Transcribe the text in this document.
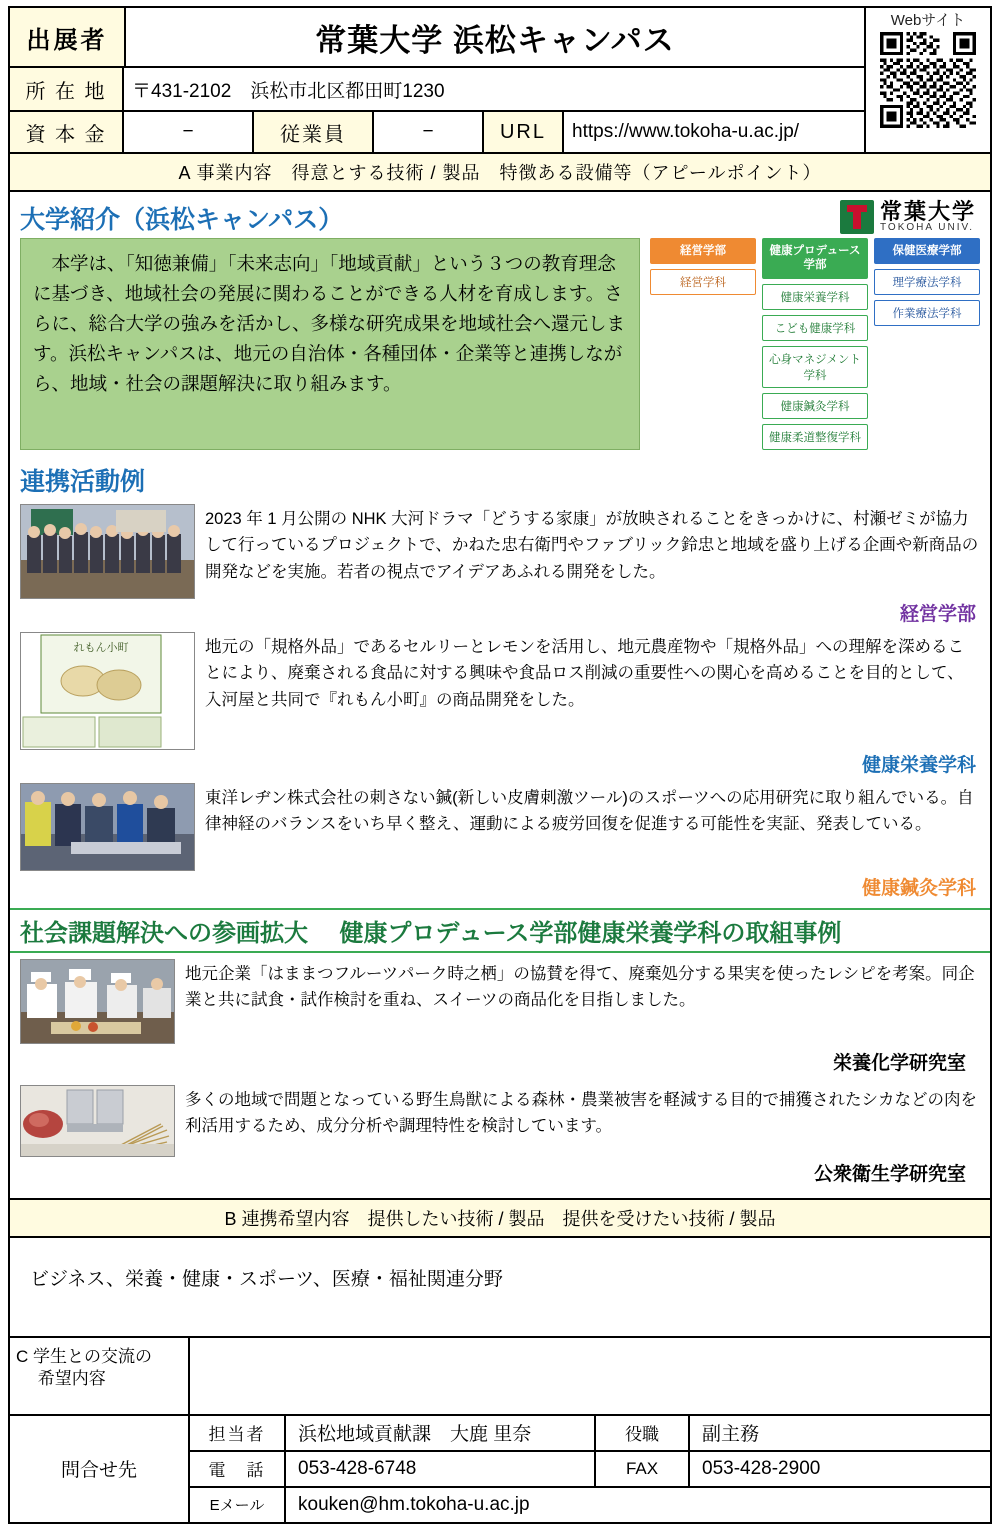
出展者	常葉大学 浜松キャンパス
所 在 地	〒431-2102　浜松市北区都田町1230
資 本 金	−	従業員	−	URL	https://www.tokoha-u.ac.jp/
Webサイト
A 事業内容　得意とする技術 / 製品　特徴ある設備等（アピールポイント）
常葉大学
TOKOHA UNIV.
大学紹介（浜松キャンパス）
　本学は、「知徳兼備」「未来志向」「地域貢献」という３つの教育理念に基づき、地域社会の発展に関わることができる人材を育成します。さらに、総合大学の強みを活かし、多様な研究成果を地域社会へ還元します。浜松キャンパスは、地元の自治体・各種団体・企業等と連携しながら、地域・社会の課題解決に取り組みます。
経営学部
経営学科
健康プロデュース学部
健康栄養学科
こども健康学科
心身マネジメント学科
健康鍼灸学科
健康柔道整復学科
保健医療学部
理学療法学科
作業療法学科
連携活動例
2023 年 1 月公開の NHK 大河ドラマ「どうする家康」が放映されることをきっかけに、村瀬ゼミが協力して行っているプロジェクトで、かねた忠右衛門やファブリック鈴忠と地域を盛り上げる企画や新商品の開発などを実施。若者の視点でアイデアあふれる開発をした。
経営学部
れもん小町	地元の「規格外品」であるセルリーとレモンを活用し、地元農産物や「規格外品」への理解を深めることにより、廃棄される食品に対する興味や食品ロス削減の重要性への関心を高めることを目的として、入河屋と共同で『れもん小町』の商品開発をした。
健康栄養学科
東洋レヂン株式会社の刺さない鍼(新しい皮膚刺激ツール)のスポーツへの応用研究に取り組んでいる。自律神経のバランスをいち早く整え、運動による疲労回復を促進する可能性を実証、発表している。
健康鍼灸学科
社会課題解決への参画拡大 健康プロデュース学部健康栄養学科の取組事例
地元企業「はままつフルーツパーク時之栖」の協賛を得て、廃棄処分する果実を使ったレシピを考案。同企業と共に試食・試作検討を重ね、スイーツの商品化を目指しました。
栄養化学研究室
多くの地域で問題となっている野生鳥獣による森林・農業被害を軽減する目的で捕獲されたシカなどの肉を利活用するため、成分分析や調理特性を検討しています。
公衆衛生学研究室
B 連携希望内容　提供したい技術 / 製品　提供を受けたい技術 / 製品
ビジネス、栄養・健康・スポーツ、医療・福祉関連分野
C 学生との交流の
　 希望内容
問合せ先
担当者	浜松地域貢献課　大鹿 里奈	役職	副主務
電　話	053-428-6748	FAX	053-428-2900
Eメール	kouken@hm.tokoha-u.ac.jp
